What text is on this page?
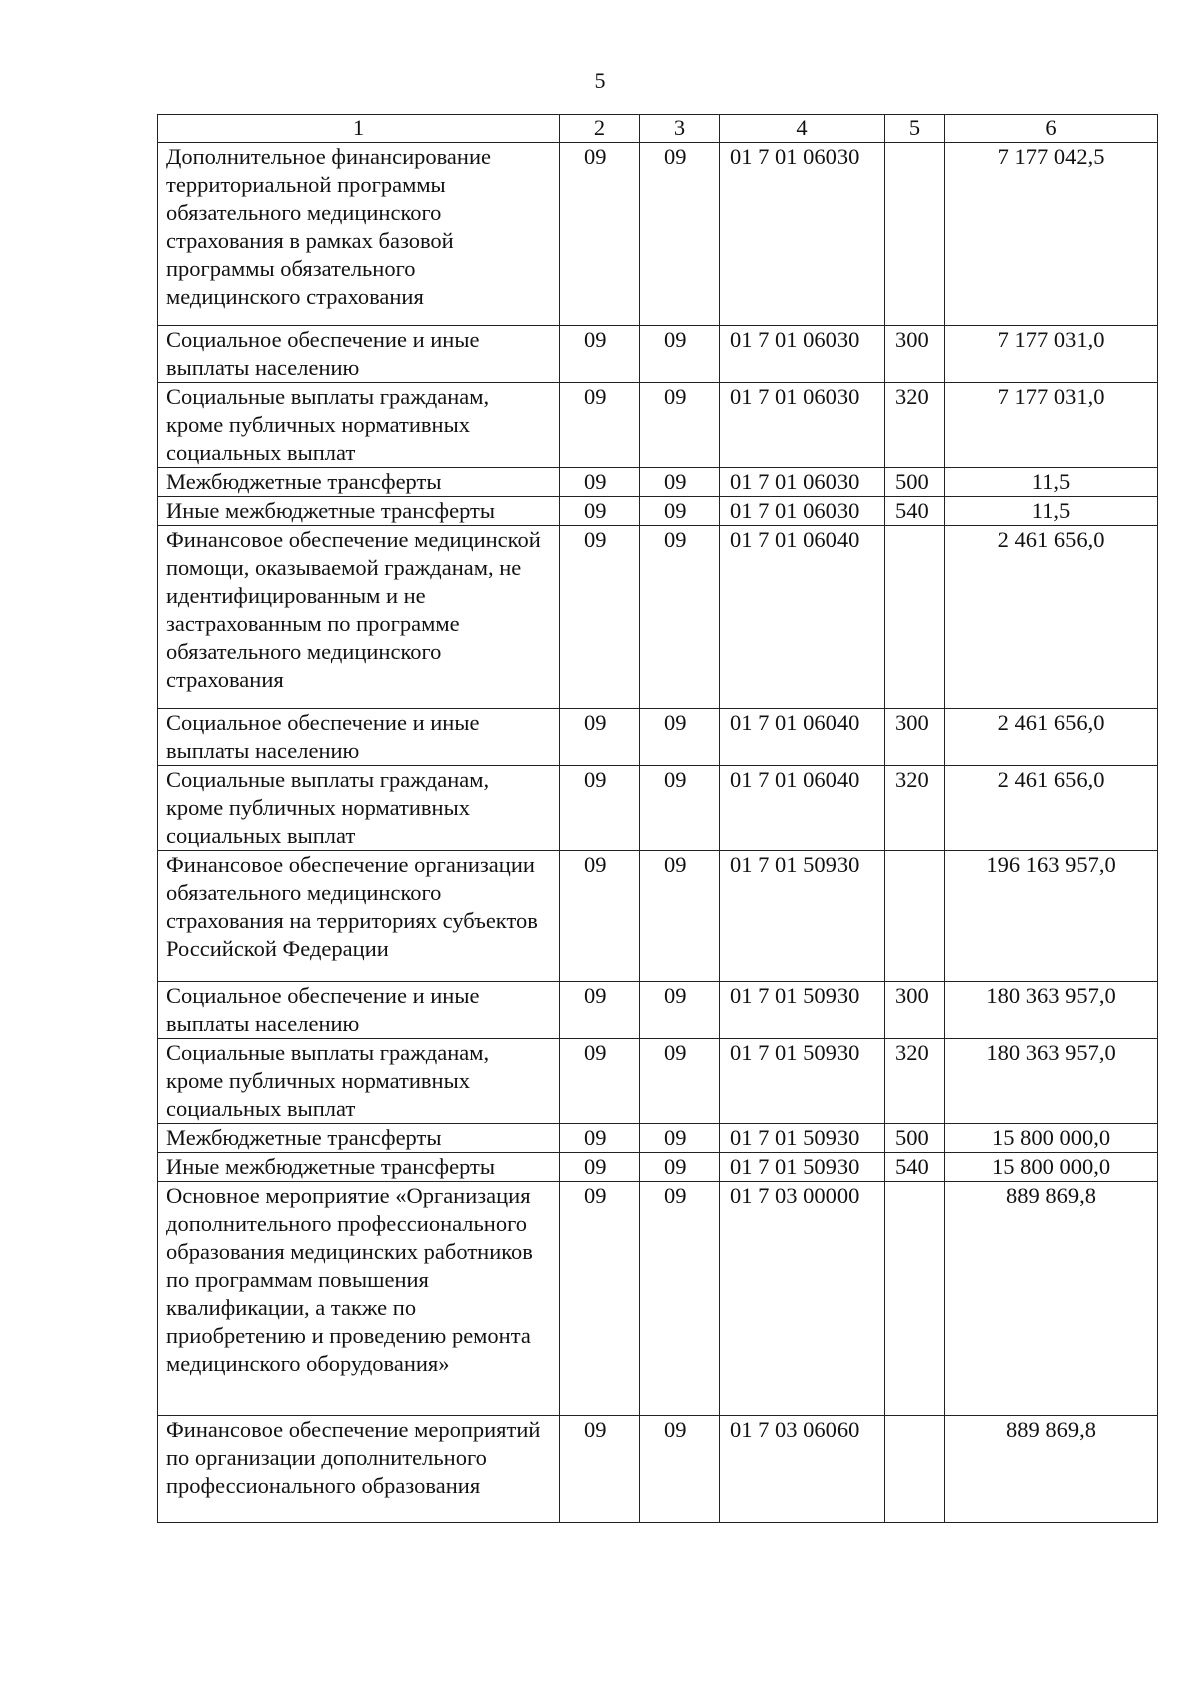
5
1	2	3	4	5	6
Дополнительное финансирование территориальной программы обязательного медицинского страхования в рамках базовой программы обязательного медицинского страхования	09	09	01 7 01 06030		7 177 042,5
Социальное обеспечение и иные выплаты населению	09	09	01 7 01 06030	300	7 177 031,0
Социальные выплаты гражданам, кроме публичных нормативных социальных выплат	09	09	01 7 01 06030	320	7 177 031,0
Межбюджетные трансферты	09	09	01 7 01 06030	500	11,5
Иные межбюджетные трансферты	09	09	01 7 01 06030	540	11,5
Финансовое обеспечение медицинской помощи, оказываемой гражданам, не идентифицированным и не застрахованным по программе обязательного медицинского страхования	09	09	01 7 01 06040		2 461 656,0
Социальное обеспечение и иные выплаты населению	09	09	01 7 01 06040	300	2 461 656,0
Социальные выплаты гражданам, кроме публичных нормативных социальных выплат	09	09	01 7 01 06040	320	2 461 656,0
Финансовое обеспечение организации обязательного медицинского страхования на территориях субъектов Российской Федерации	09	09	01 7 01 50930		196 163 957,0
Социальное обеспечение и иные выплаты населению	09	09	01 7 01 50930	300	180 363 957,0
Социальные выплаты гражданам, кроме публичных нормативных социальных выплат	09	09	01 7 01 50930	320	180 363 957,0
Межбюджетные трансферты	09	09	01 7 01 50930	500	15 800 000,0
Иные межбюджетные трансферты	09	09	01 7 01 50930	540	15 800 000,0
Основное мероприятие «Организация дополнительного профессионального образования медицинских работников по программам повышения квалификации, а также по приобретению и проведению ремонта медицинского оборудования»	09	09	01 7 03 00000		889 869,8
Финансовое обеспечение мероприятий по организации дополнительного профессионального образования	09	09	01 7 03 06060		889 869,8
